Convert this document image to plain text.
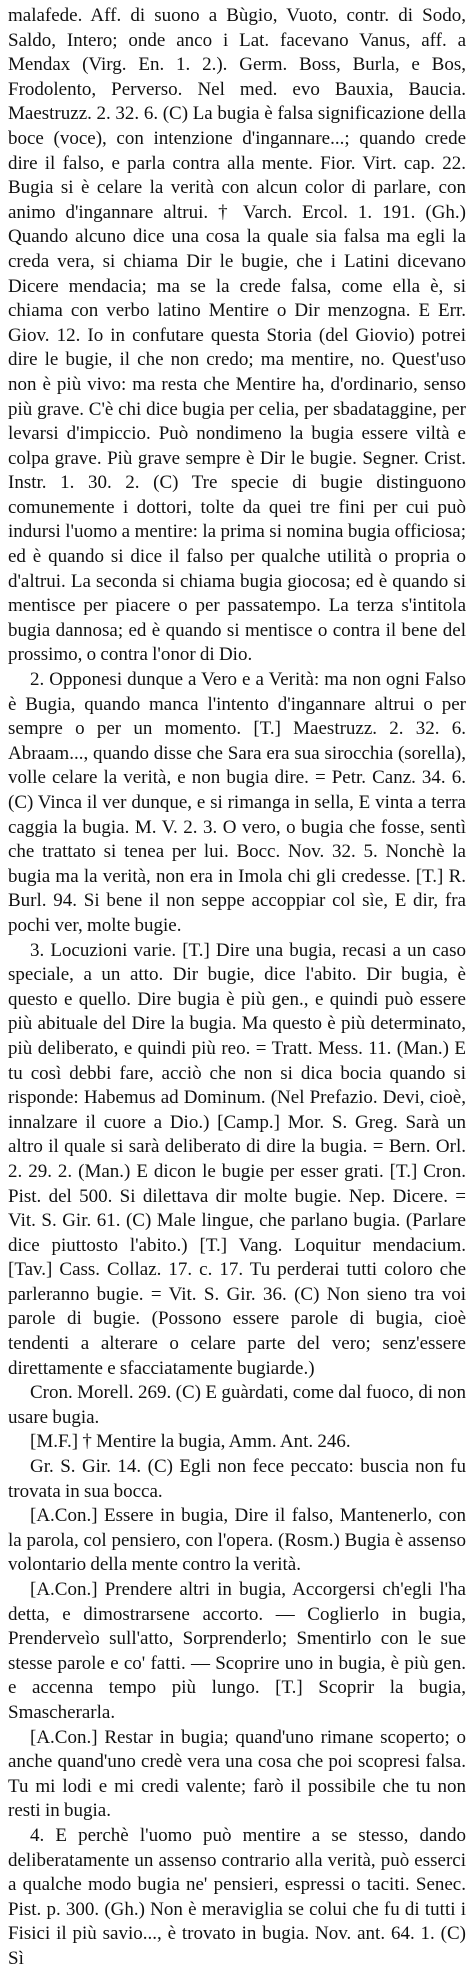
malafede. Aff. di suono a Bùgio, Vuoto, contr. di Sodo, Saldo, Intero; onde anco i Lat. facevano Vanus, aff. a Mendax (Virg. En. 1. 2.). Germ. Boss, Burla, e Bos, Frodolento, Perverso. Nel med. evo Bauxia, Baucia. Maestruzz. 2. 32. 6. (C) La bugia è falsa significazione della boce (voce), con intenzione d'ingannare...; quando crede dire il falso, e parla contra alla mente. Fior. Virt. cap. 22. Bugia si è celare la verità con alcun color di parlare, con animo d'ingannare altrui. † Varch. Ercol. 1. 191. (Gh.) Quando alcuno dice una cosa la quale sia falsa ma egli la creda vera, si chiama Dir le bugie, che i Latini dicevano Dicere mendacia; ma se la crede falsa, come ella è, si chiama con verbo latino Mentire o Dir menzogna. E Err. Giov. 12. Io in confutare questa Storia (del Giovio) potrei dire le bugie, il che non credo; ma mentire, no. Quest'uso non è più vivo: ma resta che Mentire ha, d'ordinario, senso più grave. C'è chi dice bugia per celia, per sbadataggine, per levarsi d'impiccio. Può nondimeno la bugia essere viltà e colpa grave. Più grave sempre è Dir le bugie. Segner. Crist. Instr. 1. 30. 2. (C) Tre specie di bugie distinguono comunemente i dottori, tolte da quei tre fini per cui può indursi l'uomo a mentire: la prima si nomina bugia officiosa; ed è quando si dice il falso per qualche utilità o propria o d'altrui. La seconda si chiama bugia giocosa; ed è quando si mentisce per piacere o per passatempo. La terza s'intitola bugia dannosa; ed è quando si mentisce o contra il bene del prossimo, o contra l'onor di Dio.

2. Opponesi dunque a Vero e a Verità: ma non ogni Falso è Bugia, quando manca l'intento d'ingannare altrui o per sempre o per un momento. [T.] Maestruzz. 2. 32. 6. Abraam..., quando disse che Sara era sua sirocchia (sorella), volle celare la verità, e non bugia dire. = Petr. Canz. 34. 6. (C) Vinca il ver dunque, e si rimanga in sella, E vinta a terra caggia la bugia. M. V. 2. 3. O vero, o bugia che fosse, sentì che trattato si tenea per lui. Bocc. Nov. 32. 5. Nonchè la bugia ma la verità, non era in Imola chi gli credesse. [T.] R. Burl. 94. Si bene il non seppe accoppiar col sìe, E dir, fra pochi ver, molte bugie.

3. Locuzioni varie. [T.] Dire una bugia, recasi a un caso speciale, a un atto. Dir bugie, dice l'abito. Dir bugia, è questo e quello. Dire bugia è più gen., e quindi può essere più abituale del Dire la bugia. Ma questo è più determinato, più deliberato, e quindi più reo. = Tratt. Mess. 11. (Man.) E tu così debbi fare, acciò che non si dica bocia quando si risponde: Habemus ad Dominum. (Nel Prefazio. Devi, cioè, innalzare il cuore a Dio.) [Camp.] Mor. S. Greg. Sarà un altro il quale si sarà deliberato di dire la bugia. = Bern. Orl. 2. 29. 2. (Man.) E dicon le bugie per esser grati. [T.] Cron. Pist. del 500. Si dilettava dir molte bugie. Nep. Dicere. = Vit. S. Gir. 61. (C) Male lingue, che parlano bugia. (Parlare dice piuttosto l'abito.) [T.] Vang. Loquitur mendacium. [Tav.] Cass. Collaz. 17. c. 17. Tu perderai tutti coloro che parleranno bugie. = Vit. S. Gir. 36. (C) Non sieno tra voi parole di bugie. (Possono essere parole di bugia, cioè tendenti a alterare o celare parte del vero; senz'essere direttamente e sfacciatamente bugiarde.)

Cron. Morell. 269. (C) E guàrdati, come dal fuoco, di non usare bugia.

[M.F.] † Mentire la bugia, Amm. Ant. 246.

Gr. S. Gir. 14. (C) Egli non fece peccato: buscia non fu trovata in sua bocca.

[A.Con.] Essere in bugia, Dire il falso, Mantenerlo, con la parola, col pensiero, con l'opera. (Rosm.) Bugia è assenso volontario della mente contro la verità.

[A.Con.] Prendere altri in bugia, Accorgersi ch'egli l'ha detta, e dimostrarsene accorto. — Coglierlo in bugia, Prenderveìo sull'atto, Sorprenderlo; Smentirlo con le sue stesse parole e co' fatti. — Scoprire uno in bugia, è più gen. e accenna tempo più lungo. [T.] Scoprir la bugia, Smascherarla.

[A.Con.] Restar in bugia; quand'uno rimane scoperto; o anche quand'uno credè vera una cosa che poi scopresi falsa. Tu mi lodi e mi credi valente; farò il possibile che tu non resti in bugia.

4. E perchè l'uomo può mentire a se stesso, dando deliberatamente un assenso contrario alla verità, può esserci a qualche modo bugia ne' pensieri, espressi o taciti. Senec. Pist. p. 300. (Gh.) Non è meraviglia se colui che fu di tutti i Fisici il più savio..., è trovato in bugia. Nov. ant. 64. 1. (C) Sì
